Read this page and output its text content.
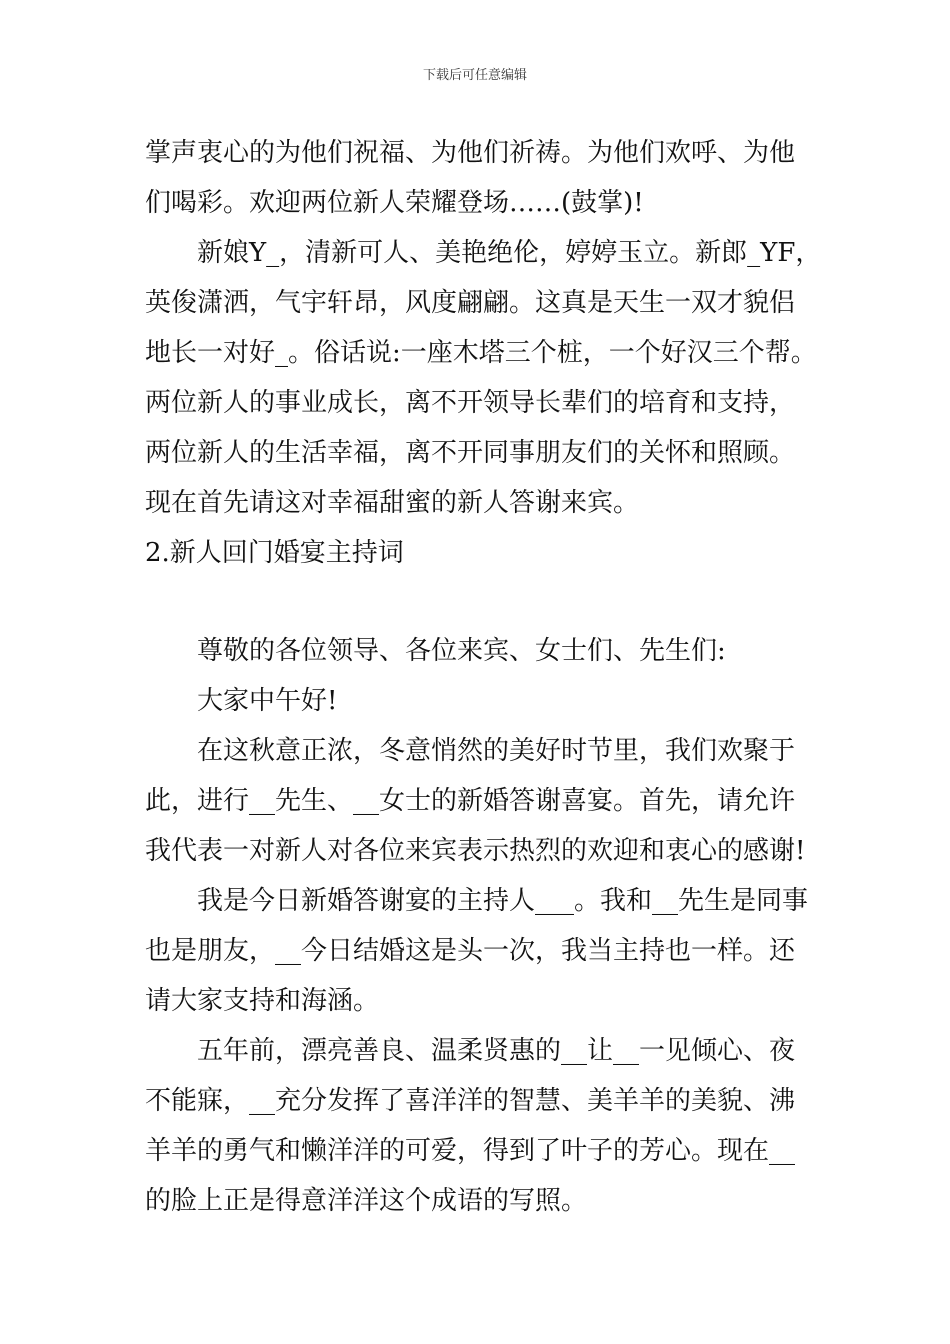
下载后可任意编辑
掌声衷心的为他们祝福、为他们祈祷。为他们欢呼、为他
们喝彩。欢迎两位新人荣耀登场……(鼓掌)!
新娘Y_，清新可人、美艳绝伦，婷婷玉立。新郎_YF，
英俊潇洒，气宇轩昂，风度翩翩。这真是天生一双才貌侣
地长一对好_。俗话说:一座木塔三个桩，一个好汉三个帮。
两位新人的事业成长，离不开领导长辈们的培育和支持，
两位新人的生活幸福，离不开同事朋友们的关怀和照顾。
现在首先请这对幸福甜蜜的新人答谢来宾。
2.新人回门婚宴主持词
尊敬的各位领导、各位来宾、女士们、先生们:
大家中午好!
在这秋意正浓，冬意悄然的美好时节里，我们欢聚于
此，进行__先生、__女士的新婚答谢喜宴。首先，请允许
我代表一对新人对各位来宾表示热烈的欢迎和衷心的感谢!
我是今日新婚答谢宴的主持人___。我和__先生是同事
也是朋友，__今日结婚这是头一次，我当主持也一样。还
请大家支持和海涵。
五年前，漂亮善良、温柔贤惠的__让__一见倾心、夜
不能寐，__充分发挥了喜洋洋的智慧、美羊羊的美貌、沸
羊羊的勇气和懒洋洋的可爱，得到了叶子的芳心。现在__
的脸上正是得意洋洋这个成语的写照。
